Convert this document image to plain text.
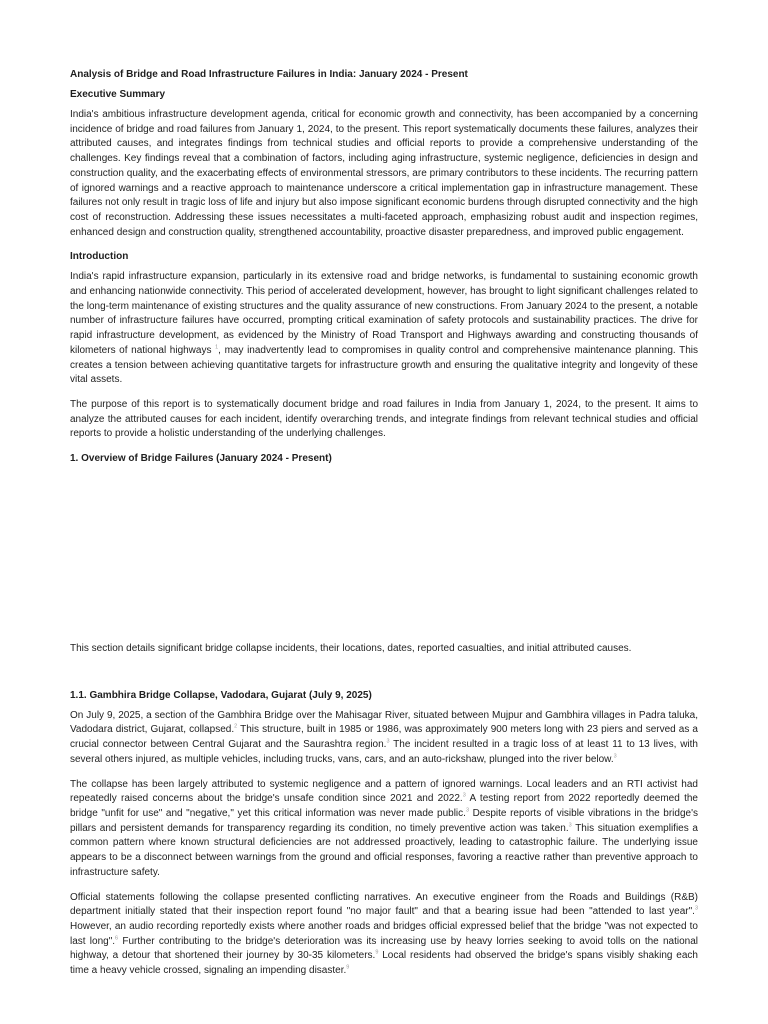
Analysis of Bridge and Road Infrastructure Failures in India: January 2024 - Present
Executive Summary

India's ambitious infrastructure development agenda, critical for economic growth and connectivity, has been accompanied by a concerning incidence of bridge and road failures from January 1, 2024, to the present. This report systematically documents these failures, analyzes their attributed causes, and integrates findings from technical studies and official reports to provide a comprehensive understanding of the challenges. Key findings reveal that a combination of factors, including aging infrastructure, systemic negligence, deficiencies in design and construction quality, and the exacerbating effects of environmental stressors, are primary contributors to these incidents. The recurring pattern of ignored warnings and a reactive approach to maintenance underscore a critical implementation gap in infrastructure management. These failures not only result in tragic loss of life and injury but also impose significant economic burdens through disrupted connectivity and the high cost of reconstruction. Addressing these issues necessitates a multi-faceted approach, emphasizing robust audit and inspection regimes, enhanced design and construction quality, strengthened accountability, proactive disaster preparedness, and improved public engagement.

Introduction

India's rapid infrastructure expansion, particularly in its extensive road and bridge networks, is fundamental to sustaining economic growth and enhancing nationwide connectivity. This period of accelerated development, however, has brought to light significant challenges related to the long-term maintenance of existing structures and the quality assurance of new constructions. From January 2024 to the present, a notable number of infrastructure failures have occurred, prompting critical examination of safety protocols and sustainability practices. The drive for rapid infrastructure development, as evidenced by the Ministry of Road Transport and Highways awarding and constructing thousands of kilometers of national highways $^1$, may inadvertently lead to compromises in quality control and comprehensive maintenance planning. This creates a tension between achieving quantitative targets for infrastructure growth and ensuring the qualitative integrity and longevity of these vital assets.

The purpose of this report is to systematically document bridge and road failures in India from January 1, 2024, to the present. It aims to analyze the attributed causes for each incident, identify overarching trends, and integrate findings from relevant technical studies and official reports to provide a holistic understanding of the underlying challenges.

1. Overview of Bridge Failures (January 2024 - Present)

This section details significant bridge collapse incidents, their locations, dates, reported casualties, and initial attributed causes.

1.1. Gambhira Bridge Collapse, Vadodara, Gujarat (July 9, 2025)

On July 9, 2025, a section of the Gambhira Bridge over the Mahisagar River, situated between Mujpur and Gambhira villages in Padra taluka, Vadodara district, Gujarat, collapsed.$^2$ This structure, built in 1985 or 1986, was approximately 900 meters long with 23 piers and served as a crucial connector between Central Gujarat and the Saurashtra region.$^3$ The incident resulted in a tragic loss of at least 11 to 13 lives, with several others injured, as multiple vehicles, including trucks, vans, cars, and an auto-rickshaw, plunged into the river below.$^3$

The collapse has been largely attributed to systemic negligence and a pattern of ignored warnings. Local leaders and an RTI activist had repeatedly raised concerns about the bridge's unsafe condition since 2021 and 2022.$^3$ A testing report from 2022 reportedly deemed the bridge "unfit for use" and "negative," yet this critical information was never made public.$^3$ Despite reports of visible vibrations in the bridge's pillars and persistent demands for transparency regarding its condition, no timely preventive action was taken.$^3$ This situation exemplifies a common pattern where known structural deficiencies are not addressed proactively, leading to catastrophic failure. The underlying issue appears to be a disconnect between warnings from the ground and official responses, favoring a reactive rather than preventive approach to infrastructure safety.

Official statements following the collapse presented conflicting narratives. An executive engineer from the Roads and Buildings (R&B) department initially stated that their inspection report found "no major fault" and that a bearing issue had been "attended to last year".$^3$ However, an audio recording reportedly exists where another roads and bridges official expressed belief that the bridge "was not expected to last long".$^6$ Further contributing to the bridge's deterioration was its increasing use by heavy lorries seeking to avoid tolls on the national highway, a detour that shortened their journey by 30-35 kilometers.$^9$ Local residents had observed the bridge's spans visibly shaking each time a heavy vehicle crossed, signaling an impending disaster.$^9$
